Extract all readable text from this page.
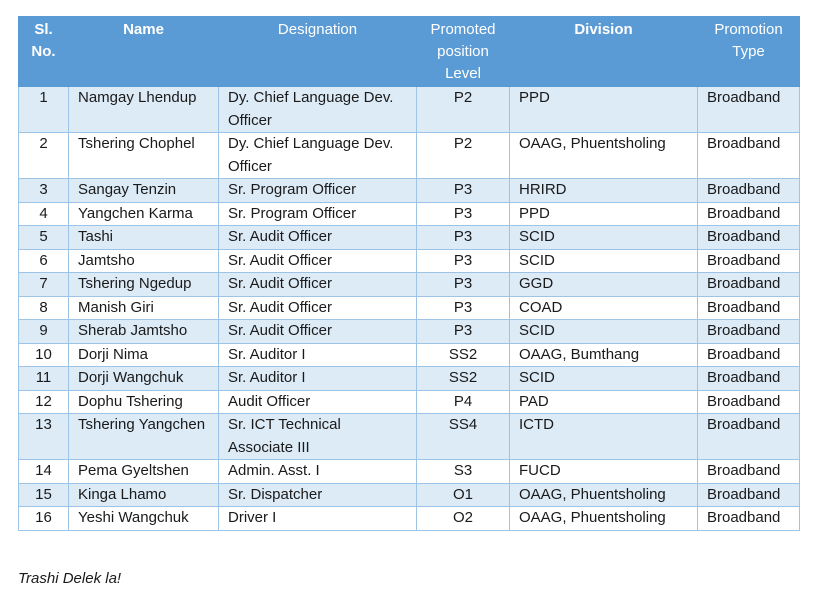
Sl. No.	Name	Designation	Promoted position Level	Division	Promotion Type
1	Namgay Lhendup	Dy. Chief Language Dev. Officer	P2	PPD	Broadband
2	Tshering Chophel	Dy. Chief Language Dev. Officer	P2	OAAG, Phuentsholing	Broadband
3	Sangay Tenzin	Sr. Program Officer	P3	HRIRD	Broadband
4	Yangchen Karma	Sr. Program Officer	P3	PPD	Broadband
5	Tashi	Sr. Audit Officer	P3	SCID	Broadband
6	Jamtsho	Sr. Audit Officer	P3	SCID	Broadband
7	Tshering Ngedup	Sr. Audit Officer	P3	GGD	Broadband
8	Manish Giri	Sr. Audit Officer	P3	COAD	Broadband
9	Sherab Jamtsho	Sr. Audit Officer	P3	SCID	Broadband
10	Dorji Nima	Sr. Auditor I	SS2	OAAG, Bumthang	Broadband
11	Dorji Wangchuk	Sr. Auditor I	SS2	SCID	Broadband
12	Dophu Tshering	Audit Officer	P4	PAD	Broadband
13	Tshering Yangchen	Sr. ICT Technical Associate III	SS4	ICTD	Broadband
14	Pema Gyeltshen	Admin. Asst. I	S3	FUCD	Broadband
15	Kinga Lhamo	Sr. Dispatcher	O1	OAAG, Phuentsholing	Broadband
16	Yeshi Wangchuk	Driver I	O2	OAAG, Phuentsholing	Broadband
Trashi Delek la!
